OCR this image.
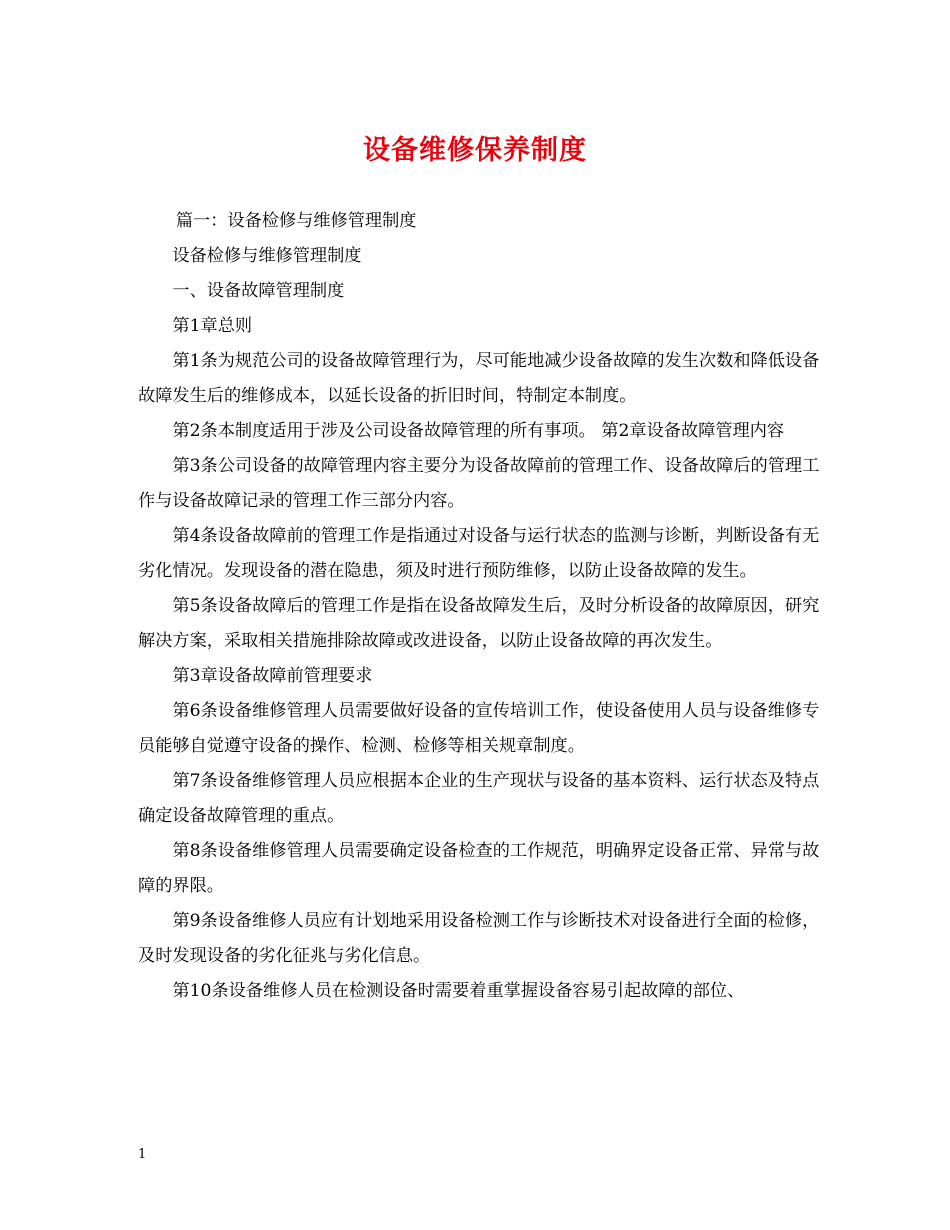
设备维修保养制度

篇一：设备检修与维修管理制度

设备检修与维修管理制度

一、设备故障管理制度

第1章总则

第1条为规范公司的设备故障管理行为，尽可能地减少设备故障的发生次数和降低设备故障发生后的维修成本，以延长设备的折旧时间，特制定本制度。

第2条本制度适用于涉及公司设备故障管理的所有事项。 第2章设备故障管理内容

第3条公司设备的故障管理内容主要分为设备故障前的管理工作、设备故障后的管理工作与设备故障记录的管理工作三部分内容。

第4条设备故障前的管理工作是指通过对设备与运行状态的监测与诊断，判断设备有无劣化情况。发现设备的潜在隐患，须及时进行预防维修，以防止设备故障的发生。

第5条设备故障后的管理工作是指在设备故障发生后，及时分析设备的故障原因，研究解决方案，采取相关措施排除故障或改进设备，以防止设备故障的再次发生。

第3章设备故障前管理要求

第6条设备维修管理人员需要做好设备的宣传培训工作，使设备使用人员与设备维修专员能够自觉遵守设备的操作、检测、检修等相关规章制度。

第7条设备维修管理人员应根据本企业的生产现状与设备的基本资料、运行状态及特点确定设备故障管理的重点。

第8条设备维修管理人员需要确定设备检查的工作规范，明确界定设备正常、异常与故障的界限。

第9条设备维修人员应有计划地采用设备检测工作与诊断技术对设备进行全面的检修，及时发现设备的劣化征兆与劣化信息。

第10条设备维修人员在检测设备时需要着重掌握设备容易引起故障的部位、

1
